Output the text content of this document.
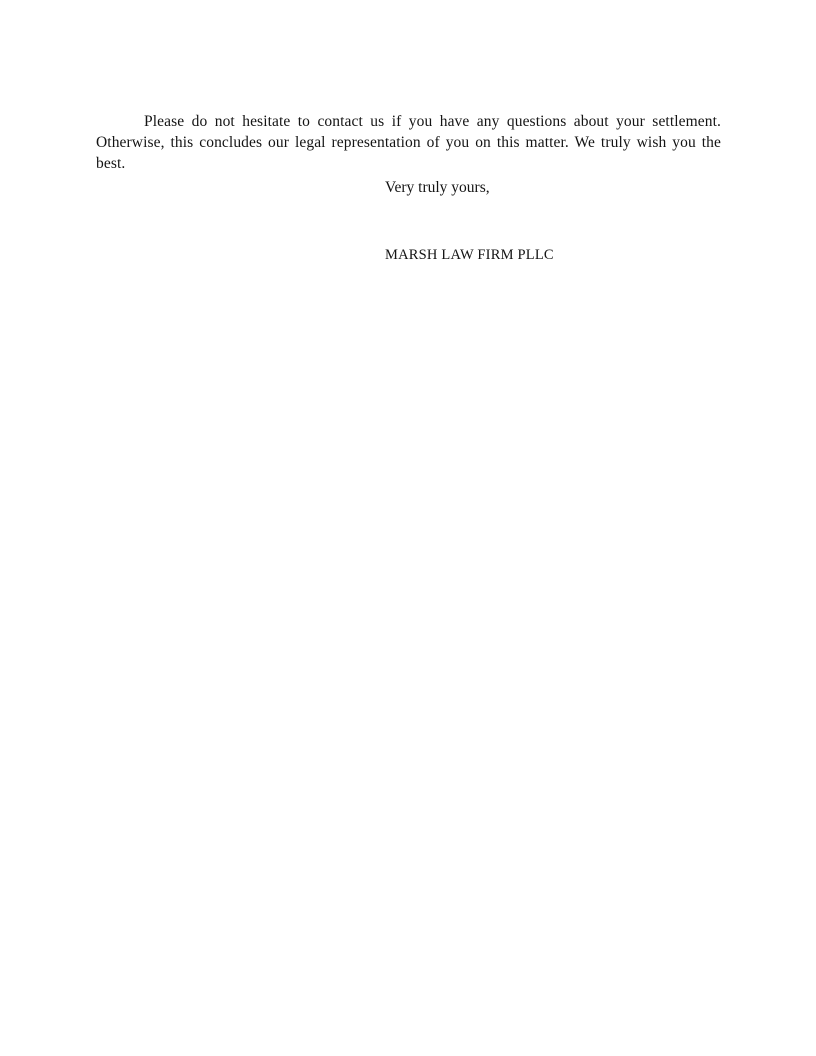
Please do not hesitate to contact us if you have any questions about your settlement. Otherwise, this concludes our legal representation of you on this matter. We truly wish you the best.

Very truly yours,
MARSH LAW FIRM PLLC
